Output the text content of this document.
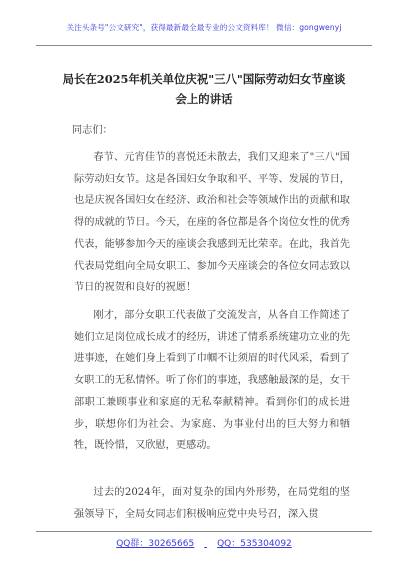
关注头条号"公文研究"，获得最新最全最专业的公文资料库！ 微信：gongwenyj
局长在2025年机关单位庆祝"三八"国际劳动妇女节座谈
会上的讲话
同志们：
春节、元宵佳节的喜悦还未散去，我们又迎来了"三八"国际劳动妇女节。这是各国妇女争取和平、平等、发展的节日，也是庆祝各国妇女在经济、政治和社会等领域作出的贡献和取得的成就的节日。今天，在座的各位都是各个岗位女性的优秀代表，能够参加今天的座谈会我感到无比荣幸。在此，我首先代表局党组向全局女职工、参加今天座谈会的各位女同志致以节日的祝贺和良好的祝愿！
刚才，部分女职工代表做了交流发言，从各自工作简述了她们立足岗位成长成才的经历，讲述了情系系统建功立业的先进事迹，在她们身上看到了巾帼不让须眉的时代风采，看到了女职工的无私情怀。听了你们的事迹，我感触最深的是，女干部职工兼顾事业和家庭的无私奉献精神。看到你们的成长进步，联想你们为社会、为家庭、为事业付出的巨大努力和牺牲，既怜惜，又欣慰，更感动。
过去的2024年，面对复杂的国内外形势，在局党组的坚强领导下，全局女同志们积极响应党中央号召，深入贯
QQ群：30265665	QQ：535304092
